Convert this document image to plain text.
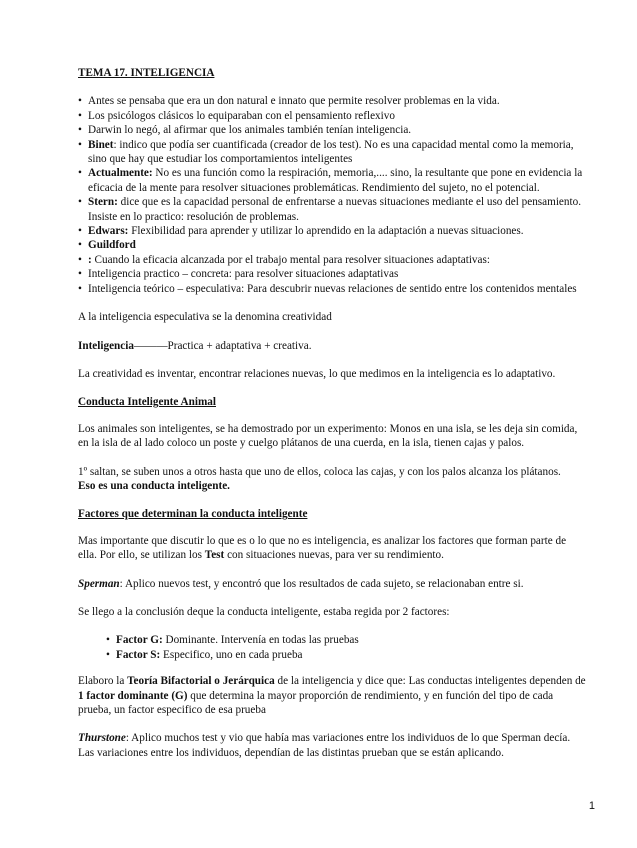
TEMA 17. INTELIGENCIA
• Antes se pensaba que era un don natural e innato que permite resolver problemas en la vida.
• Los psicólogos clásicos lo equiparaban con el pensamiento reflexivo
• Darwin lo negó, al afirmar que los animales también tenían inteligencia.
• Binet: indico que podía ser cuantificada (creador de los test). No es una capacidad mental como la memoria, sino que hay que estudiar los comportamientos inteligentes
• Actualmente: No es una función como la respiración, memoria,.... sino, la resultante que pone en evidencia la eficacia de la mente para resolver situaciones problemáticas. Rendimiento del sujeto, no el potencial.
• Stern: dice que es la capacidad personal de enfrentarse a nuevas situaciones mediante el uso del pensamiento. Insiste en lo practico: resolución de problemas.
• Edwars: Flexibilidad para aprender y utilizar lo aprendido en la adaptación a nuevas situaciones.
• Guildford
• : Cuando la eficacia alcanzada por el trabajo mental para resolver situaciones adaptativas:
• Inteligencia practico – concreta: para resolver situaciones adaptativas
• Inteligencia teórico – especulativa: Para descubrir nuevas relaciones de sentido entre los contenidos mentales

A la inteligencia especulativa se la denomina creatividad

Inteligencia———Practica + adaptativa + creativa.

La creatividad es inventar, encontrar relaciones nuevas, lo que medimos en la inteligencia es lo adaptativo.

Conducta Inteligente Animal

Los animales son inteligentes, se ha demostrado por un experimento: Monos en una isla, se les deja sin comida, en la isla de al lado coloco un poste y cuelgo plátanos de una cuerda, en la isla, tienen cajas y palos.

1º saltan, se suben unos a otros hasta que uno de ellos, coloca las cajas, y con los palos alcanza los plátanos.
Eso es una conducta inteligente.

Factores que determinan la conducta inteligente

Mas importante que discutir lo que es o lo que no es inteligencia, es analizar los factores que forman parte de ella. Por ello, se utilizan los Test con situaciones nuevas, para ver su rendimiento.

Sperman: Aplico nuevos test, y encontró que los resultados de cada sujeto, se relacionaban entre si.

Se llego a la conclusión deque la conducta inteligente, estaba regida por 2 factores:

• Factor G: Dominante. Intervenía en todas las pruebas
• Factor S: Especifico, uno en cada prueba

Elaboro la Teoría Bifactorial o Jerárquica de la inteligencia y dice que: Las conductas inteligentes dependen de 1 factor dominante (G) que determina la mayor proporción de rendimiento, y en función del tipo de cada prueba, un factor especifico de esa prueba

Thurstone: Aplico muchos test y vio que había mas variaciones entre los individuos de lo que Sperman decía. Las variaciones entre los individuos, dependían de las distintas prueban que se están aplicando.

1
